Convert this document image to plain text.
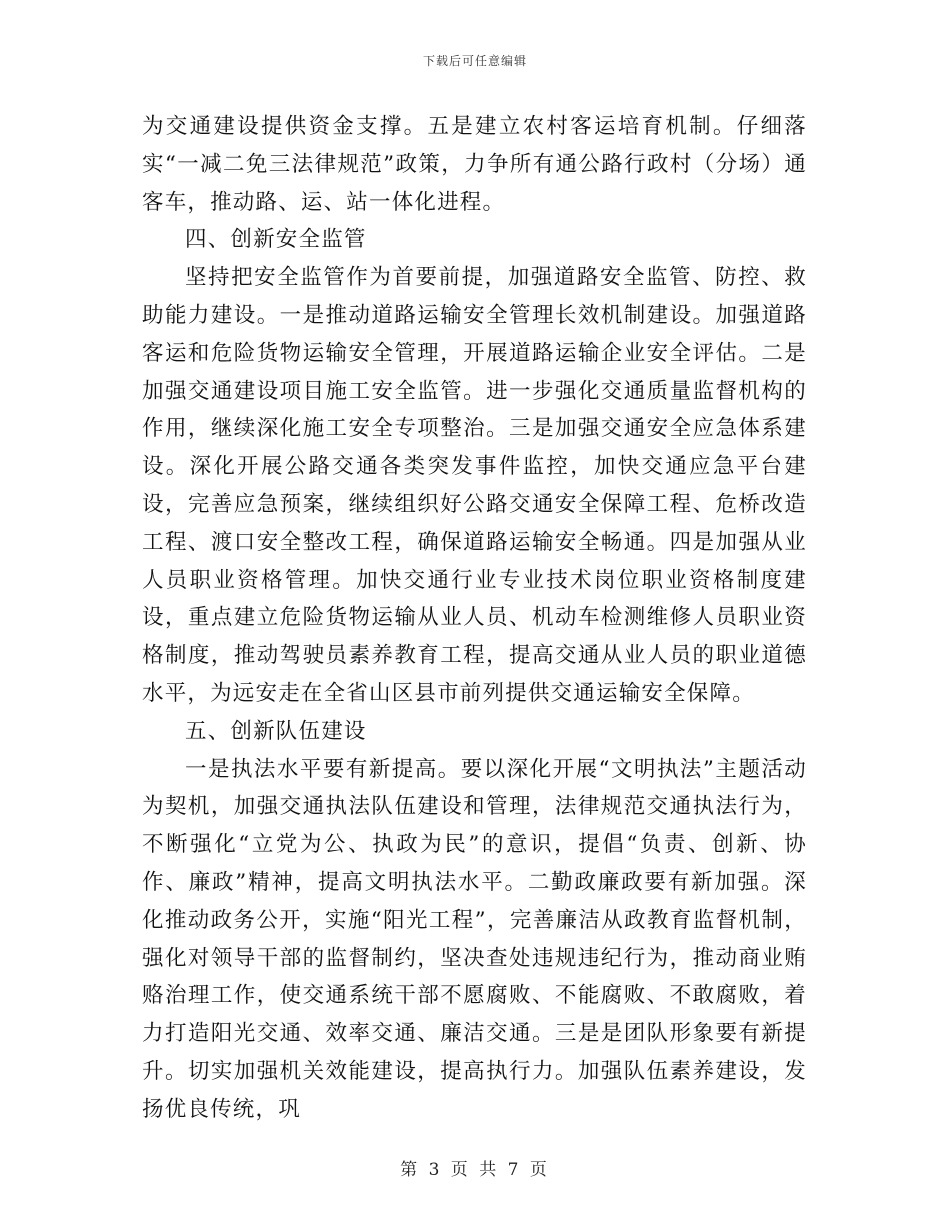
下载后可任意编辑

为交通建设提供资金支撑。五是建立农村客运培育机制。仔细落实“一减二免三法律规范”政策，力争所有通公路行政村（分场）通客车，推动路、运、站一体化进程。

四、创新安全监管

坚持把安全监管作为首要前提，加强道路安全监管、防控、救助能力建设。一是推动道路运输安全管理长效机制建设。加强道路客运和危险货物运输安全管理，开展道路运输企业安全评估。二是加强交通建设项目施工安全监管。进一步强化交通质量监督机构的作用，继续深化施工安全专项整治。三是加强交通安全应急体系建设。深化开展公路交通各类突发事件监控，加快交通应急平台建设，完善应急预案，继续组织好公路交通安全保障工程、危桥改造工程、渡口安全整改工程，确保道路运输安全畅通。四是加强从业人员职业资格管理。加快交通行业专业技术岗位职业资格制度建设，重点建立危险货物运输从业人员、机动车检测维修人员职业资格制度，推动驾驶员素养教育工程，提高交通从业人员的职业道德水平，为远安走在全省山区县市前列提供交通运输安全保障。

五、创新队伍建设

一是执法水平要有新提高。要以深化开展“文明执法”主题活动为契机，加强交通执法队伍建设和管理，法律规范交通执法行为，不断强化“立党为公、执政为民”的意识，提倡“负责、创新、协作、廉政”精神，提高文明执法水平。二勤政廉政要有新加强。深化推动政务公开，实施“阳光工程”，完善廉洁从政教育监督机制，强化对领导干部的监督制约，坚决查处违规违纪行为，推动商业贿赂治理工作，使交通系统干部不愿腐败、不能腐败、不敢腐败，着力打造阳光交通、效率交通、廉洁交通。三是是团队形象要有新提升。切实加强机关效能建设，提高执行力。加强队伍素养建设，发扬优良传统，巩

第 3 页 共 7 页
